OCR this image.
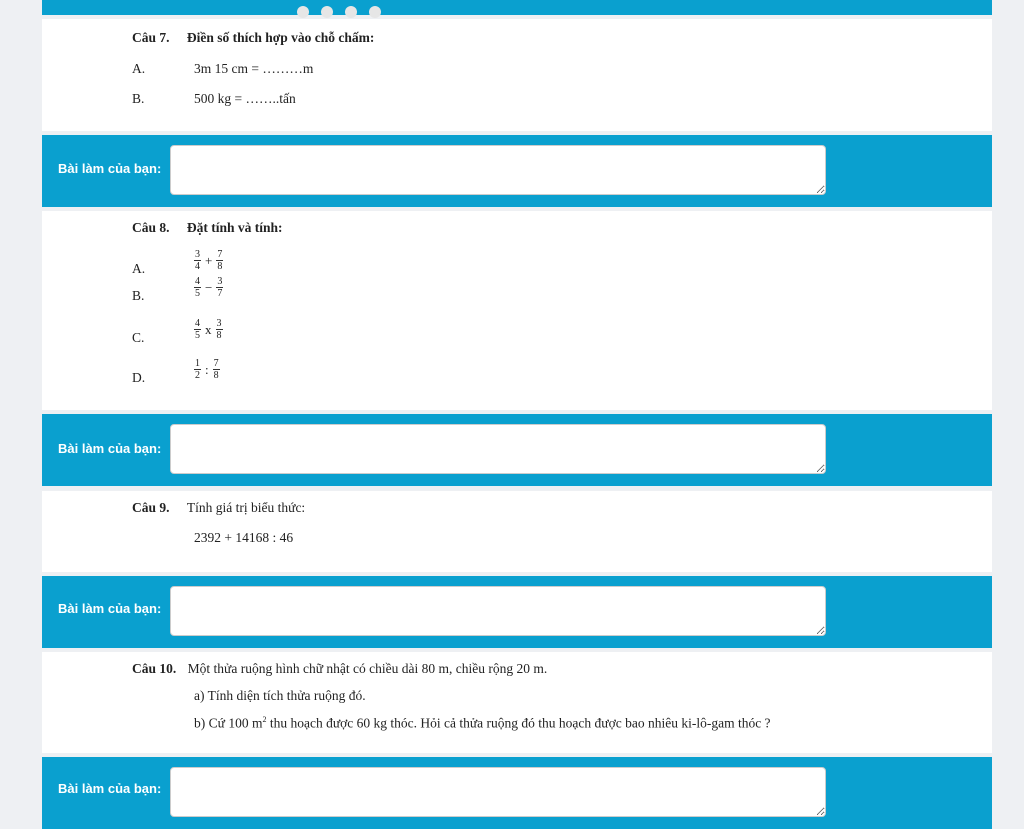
Câu 7. Điền số thích hợp vào chỗ chấm:
A.	3m 15 cm = ………m
B.	500 kg = ……..tấn
Bài làm của bạn:
Câu 8. Đặt tính và tính:
A.	$\frac{3}{4} + \frac{7}{8}$
B.	$\frac{4}{5} - \frac{3}{7}$
C.	$\frac{4}{5}$ x $\frac{3}{8}$
D.	$\frac{1}{2}$ : $\frac{7}{8}$
Bài làm của bạn:
Câu 9. Tính giá trị biểu thức:
2392 + 14168 : 46
Bài làm của bạn:
Câu 10. Một thửa ruộng hình chữ nhật có chiều dài 80 m, chiều rộng 20 m.
a) Tính diện tích thửa ruộng đó.
b) Cứ 100 $m^2$ thu hoạch được 60 kg thóc. Hỏi cả thửa ruộng đó thu hoạch được bao nhiêu ki-lô-gam thóc ?
Bài làm của bạn:
